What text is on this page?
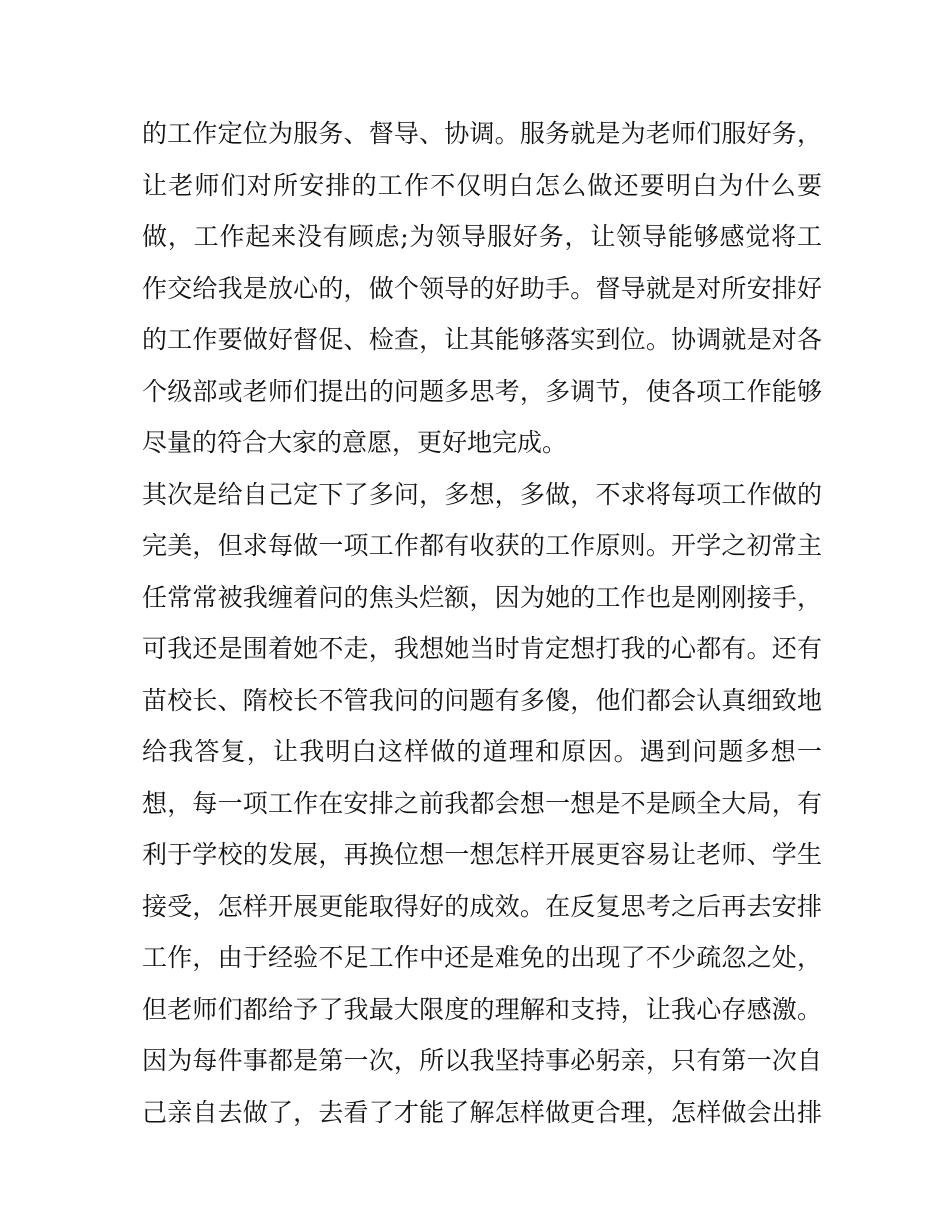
的工作定位为服务、督导、协调。服务就是为老师们服好务，
让老师们对所安排的工作不仅明白怎么做还要明白为什么要
做，工作起来没有顾虑;为领导服好务，让领导能够感觉将工
作交给我是放心的，做个领导的好助手。督导就是对所安排好
的工作要做好督促、检查，让其能够落实到位。协调就是对各
个级部或老师们提出的问题多思考，多调节，使各项工作能够
尽量的符合大家的意愿，更好地完成。
其次是给自己定下了多问，多想，多做，不求将每项工作做的
完美，但求每做一项工作都有收获的工作原则。开学之初常主
任常常被我缠着问的焦头烂额，因为她的工作也是刚刚接手，
可我还是围着她不走，我想她当时肯定想打我的心都有。还有
苗校长、隋校长不管我问的问题有多傻，他们都会认真细致地
给我答复，让我明白这样做的道理和原因。遇到问题多想一
想，每一项工作在安排之前我都会想一想是不是顾全大局，有
利于学校的发展，再换位想一想怎样开展更容易让老师、学生
接受，怎样开展更能取得好的成效。在反复思考之后再去安排
工作，由于经验不足工作中还是难免的出现了不少疏忽之处，
但老师们都给予了我最大限度的理解和支持，让我心存感激。
因为每件事都是第一次，所以我坚持事必躬亲，只有第一次自
己亲自去做了，去看了才能了解怎样做更合理，怎样做会出排
